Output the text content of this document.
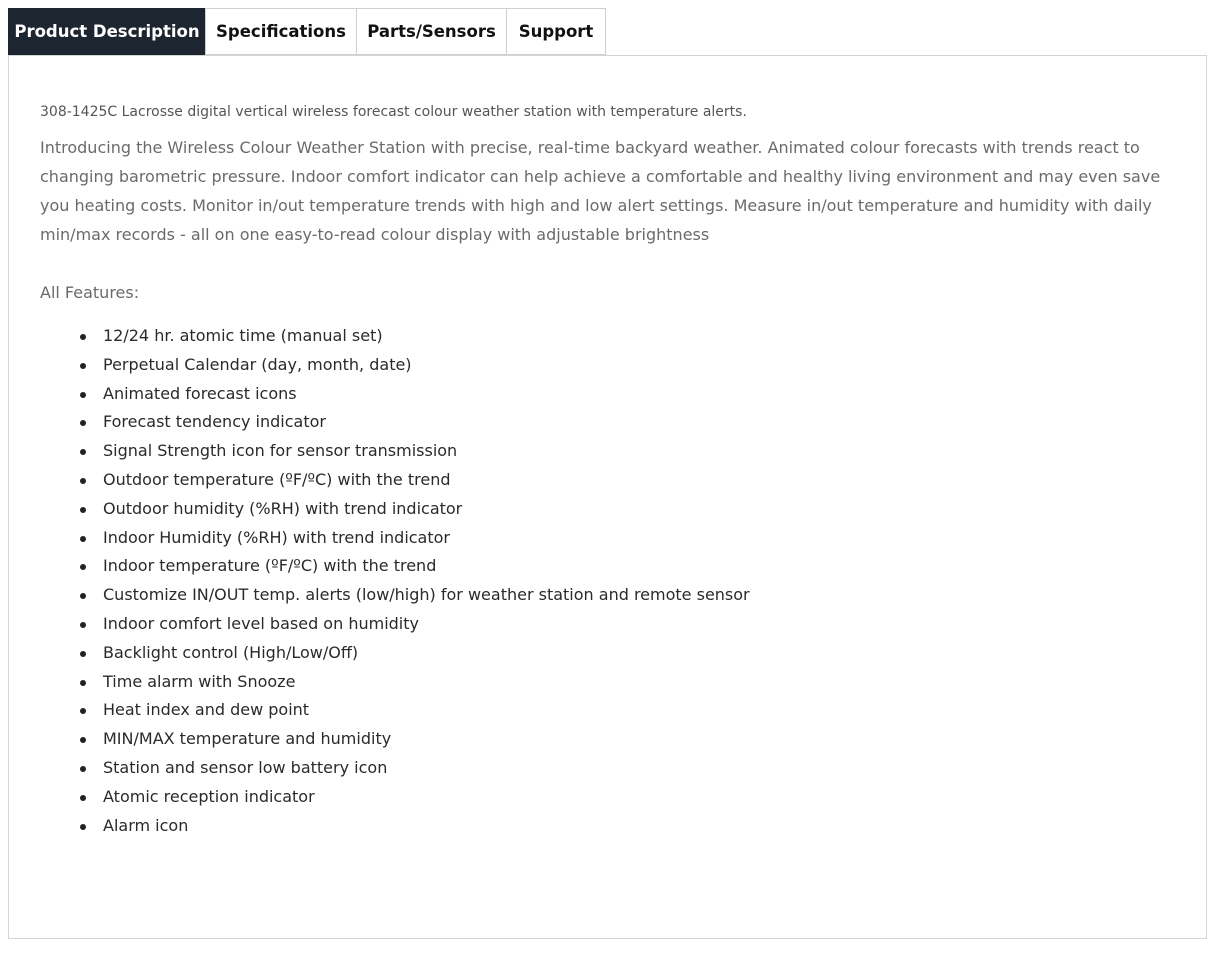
Product Description Specifications	Parts/Sensors	Support

308-1425C Lacrosse digital vertical wireless forecast colour weather station with temperature alerts.

Introducing the Wireless Colour Weather Station with precise, real-time backyard weather. Animated colour forecasts with trends react to changing barometric pressure. Indoor comfort indicator can help achieve a comfortable and healthy living environment and may even save you heating costs. Monitor in/out temperature trends with high and low alert settings. Measure in/out temperature and humidity with daily min/max records - all on one easy-to-read colour display with adjustable brightness

All Features:

12/24 hr. atomic time (manual set)
Perpetual Calendar (day, month, date)
Animated forecast icons
Forecast tendency indicator
Signal Strength icon for sensor transmission
Outdoor temperature (ºF/ºC) with the trend
Outdoor humidity (%RH) with trend indicator
Indoor Humidity (%RH) with trend indicator
Indoor temperature (ºF/ºC) with the trend
Customize IN/OUT temp. alerts (low/high) for weather station and remote sensor
Indoor comfort level based on humidity
Backlight control (High/Low/Off)
Time alarm with Snooze
Heat index and dew point
MIN/MAX temperature and humidity
Station and sensor low battery icon
Atomic reception indicator
Alarm icon
